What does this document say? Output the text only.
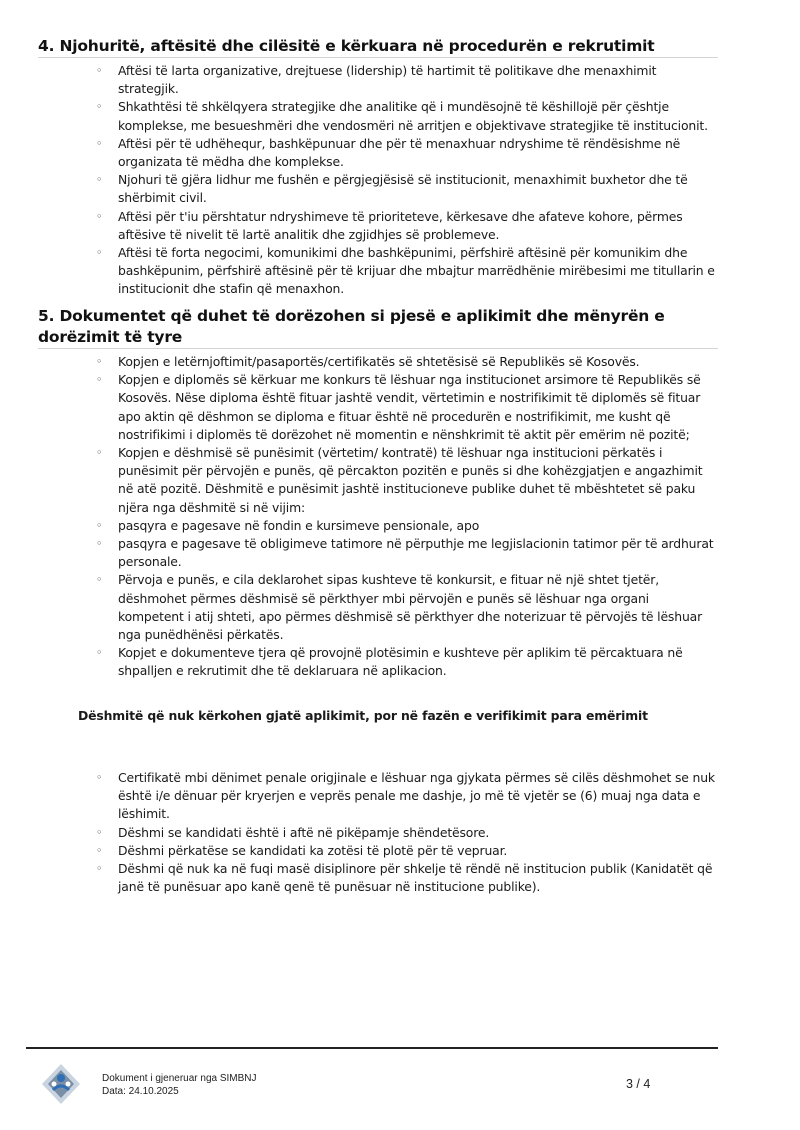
4. Njohuritë, aftësitë dhe cilësitë e kërkuara në procedurën e rekrutimit
◦ Aftësi të larta organizative, drejtuese (lidership) të hartimit të politikave dhe menaxhimit strategjik.
◦ Shkathtësi të shkëlqyera strategjike dhe analitike që i mundësojnë të këshillojë për çështje komplekse, me besueshmëri dhe vendosmëri në arritjen e objektivave strategjike të institucionit.
◦ Aftësi për të udhëhequr, bashkëpunuar dhe për të menaxhuar ndryshime të rëndësishme në organizata të mëdha dhe komplekse.
◦ Njohuri të gjëra lidhur me fushën e përgjegjësisë së institucionit, menaxhimit buxhetor dhe të shërbimit civil.
◦ Aftësi për t'iu përshtatur ndryshimeve të prioriteteve, kërkesave dhe afateve kohore, përmes aftësive të nivelit të lartë analitik dhe zgjidhjes së problemeve.
◦ Aftësi të forta negocimi, komunikimi dhe bashkëpunimi, përfshirë aftësinë për komunikim dhe bashkëpunim, përfshirë aftësinë për të krijuar dhe mbajtur marrëdhënie mirëbesimi me titullarin e institucionit dhe stafin që menaxhon.
5. Dokumentet që duhet të dorëzohen si pjesë e aplikimit dhe mënyrën e dorëzimit të tyre
◦ Kopjen e letërnjoftimit/pasaportës/certifikatës së shtetësisë së Republikës së Kosovës.
◦ Kopjen e diplomës së kërkuar me konkurs të lëshuar nga institucionet arsimore të Republikës së Kosovës. Nëse diploma është fituar jashtë vendit, vërtetimin e nostrifikimit të diplomës së fituar apo aktin që dëshmon se diploma e fituar është në procedurën e nostrifikimit, me kusht që nostrifikimi i diplomës të dorëzohet në momentin e nënshkrimit të aktit për emërim në pozitë;
◦ Kopjen e dëshmisë së punësimit (vërtetim/ kontratë) të lëshuar nga institucioni përkatës i punësimit për përvojën e punës, që përcakton pozitën e punës si dhe kohëzgjatjen e angazhimit në atë pozitë. Dëshmitë e punësimit jashtë institucioneve publike duhet të mbështetet së paku njëra nga dëshmitë si në vijim:
◦ pasqyra e pagesave në fondin e kursimeve pensionale, apo
◦ pasqyra e pagesave të obligimeve tatimore në përputhje me legjislacionin tatimor për të ardhurat personale.
◦ Përvoja e punës, e cila deklarohet sipas kushteve të konkursit, e fituar në një shtet tjetër, dëshmohet përmes dëshmisë së përkthyer mbi përvojën e punës së lëshuar nga organi kompetent i atij shteti, apo përmes dëshmisë së përkthyer dhe noterizuar të përvojës të lëshuar nga punëdhënësi përkatës.
◦ Kopjet e dokumenteve tjera që provojnë plotësimin e kushteve për aplikim të përcaktuara në shpalljen e rekrutimit dhe të deklaruara në aplikacion.
Dëshmitë që nuk kërkohen gjatë aplikimit, por në fazën e verifikimit para emërimit
◦ Certifikatë mbi dënimet penale origjinale e lëshuar nga gjykata përmes së cilës dëshmohet se nuk është i/e dënuar për kryerjen e veprës penale me dashje, jo më të vjetër se (6) muaj nga data e lëshimit.
◦ Dëshmi se kandidati është i aftë në pikëpamje shëndetësore.
◦ Dëshmi përkatëse se kandidati ka zotësi të plotë për të vepruar.
◦ Dëshmi që nuk ka në fuqi masë disiplinore për shkelje të rëndë në institucion publik (Kanidatët që janë të punësuar apo kanë qenë të punësuar në institucione publike).
Dokument i gjeneruar nga SIMBNJ
Data: 24.10.2025
3 / 4
